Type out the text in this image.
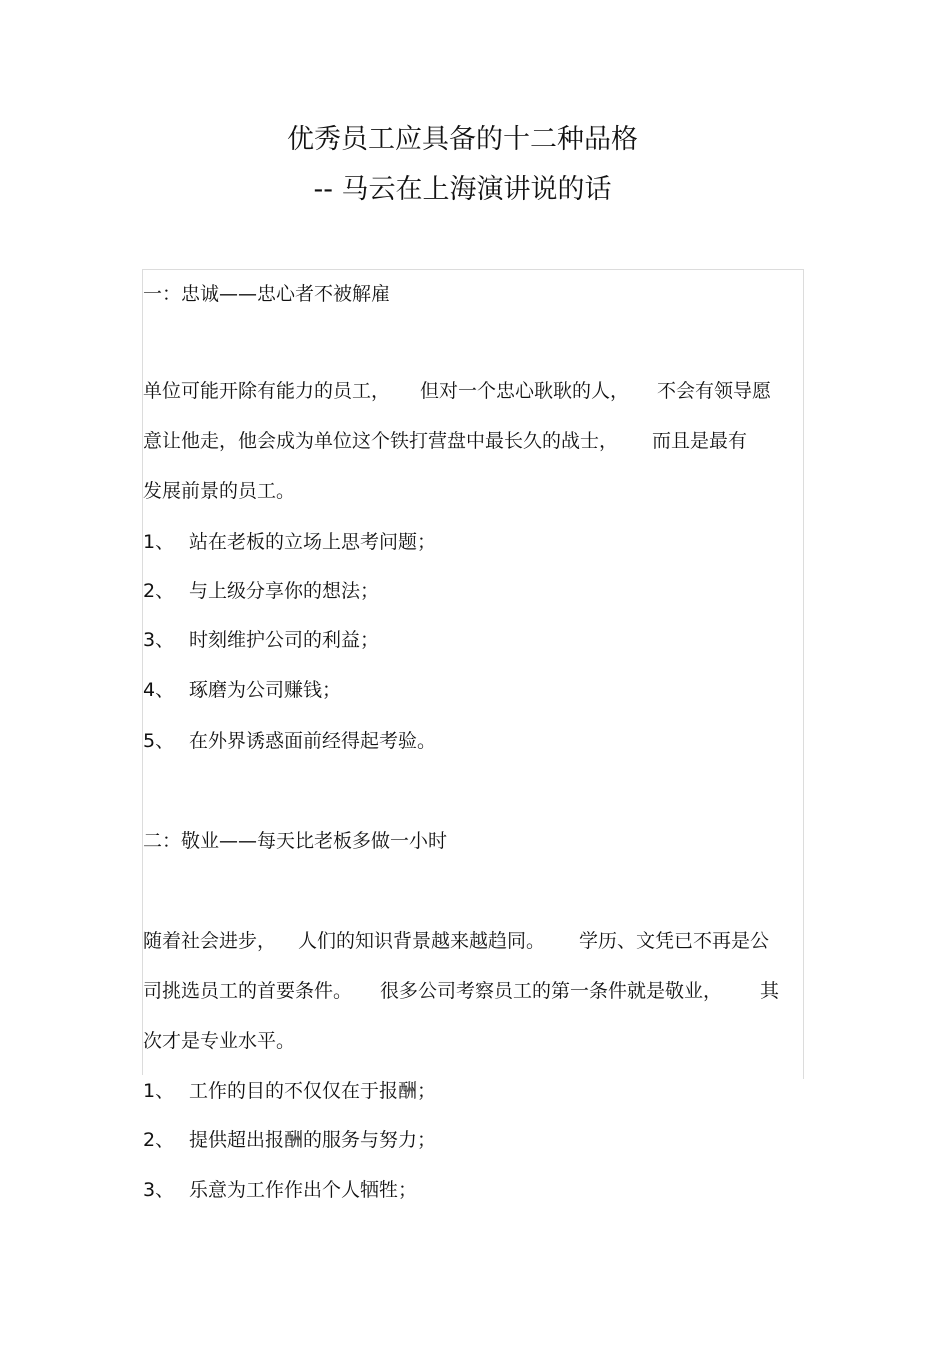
优秀员工应具备的十二种品格
-- 马云在上海演讲说的话
一：忠诚——忠心者不被解雇
单位可能开除有能力的员工， 但对一个忠心耿耿的人， 不会有领导愿
意让他走，他会成为单位这个铁打营盘中最长久的战士， 而且是最有
发展前景的员工。
1、 站在老板的立场上思考问题；
2、 与上级分享你的想法；
3、 时刻维护公司的利益；
4、 琢磨为公司赚钱；
5、 在外界诱惑面前经得起考验。
二：敬业——每天比老板多做一小时
随着社会进步， 人们的知识背景越来越趋同。 学历、文凭已不再是公
司挑选员工的首要条件。 很多公司考察员工的第一条件就是敬业， 其
次才是专业水平。
1、 工作的目的不仅仅在于报酬；
2、 提供超出报酬的服务与努力；
3、 乐意为工作作出个人牺牲；
